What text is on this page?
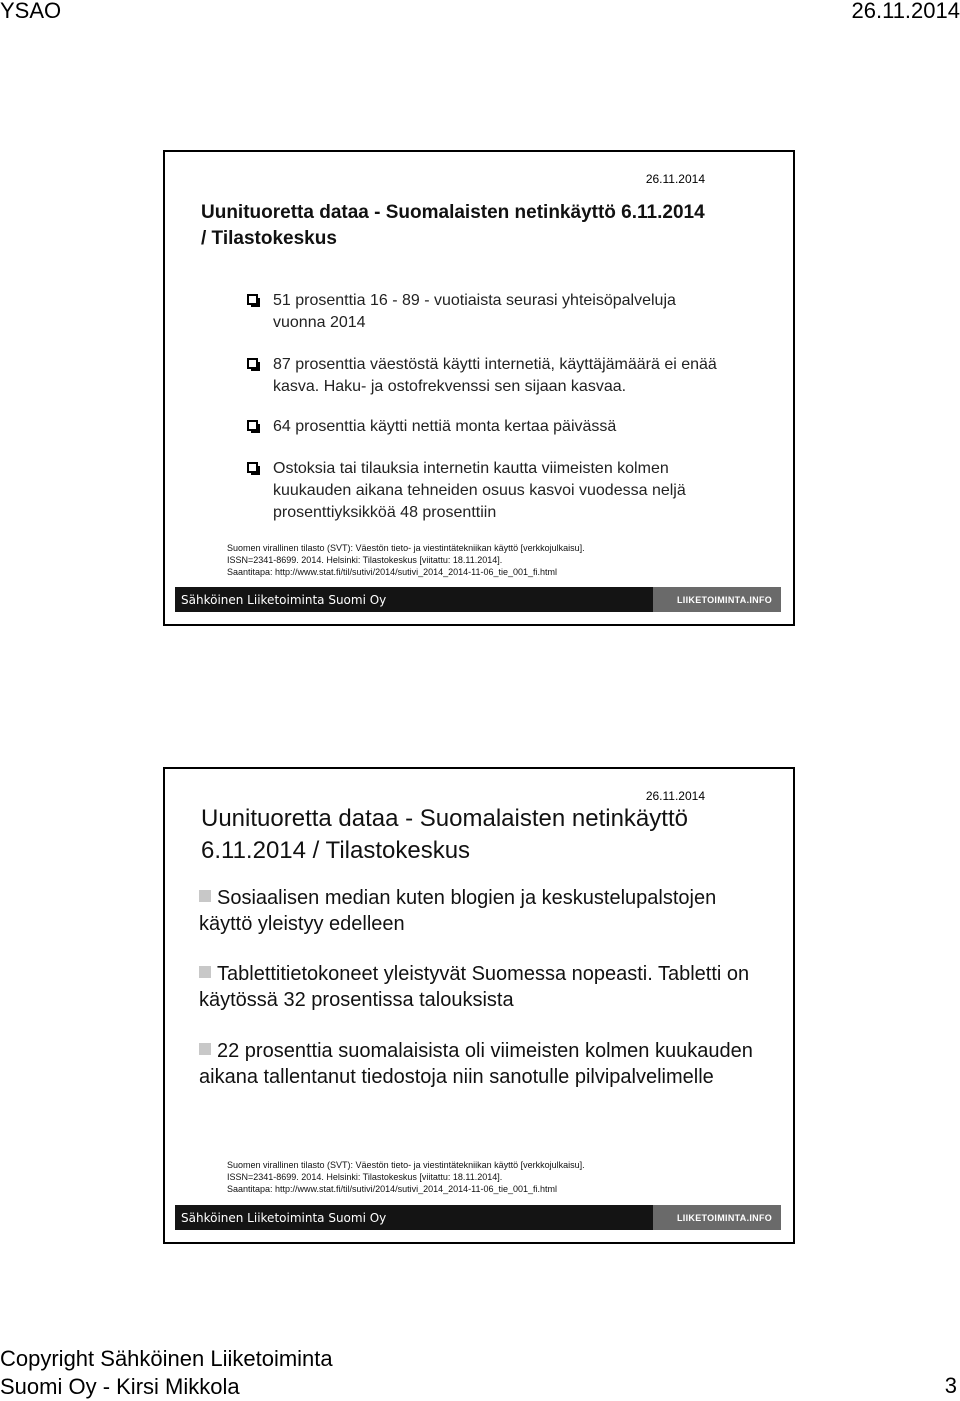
YSAO	26.11.2014
26.11.2014
Uunituoretta dataa - Suomalaisten netinkäyttö 6.11.2014
/ Tilastokeskus
51 prosenttia 16 - 89 - vuotiaista seurasi yhteisöpalveluja vuonna 2014
87 prosenttia väestöstä käytti internetiä, käyttäjämäärä ei enää kasva. Haku- ja ostofrekvenssi sen sijaan kasvaa.
64 prosenttia käytti nettiä monta kertaa päivässä
Ostoksia tai tilauksia internetin kautta viimeisten kolmen kuukauden aikana tehneiden osuus kasvoi vuodessa neljä prosenttiyksikköä 48 prosenttiin
Suomen virallinen tilasto (SVT): Väestön tieto- ja viestintätekniikan käyttö [verkkojulkaisu].
ISSN=2341-8699. 2014. Helsinki: Tilastokeskus [viitattu: 18.11.2014].
Saantitapa: http://www.stat.fi/til/sutivi/2014/sutivi_2014_2014-11-06_tie_001_fi.html
Sähköinen Liiketoiminta Suomi Oy	LIIKETOIMINTA.INFO
26.11.2014
Uunituoretta dataa - Suomalaisten netinkäyttö
6.11.2014 / Tilastokeskus
Sosiaalisen median kuten blogien ja keskustelupalstojen käyttö yleistyy edelleen
Tablettitietokoneet yleistyvät Suomessa nopeasti. Tabletti on käytössä 32 prosentissa talouksista
22 prosenttia suomalaisista oli viimeisten kolmen kuukauden aikana tallentanut tiedostoja niin sanotulle pilvipalvelimelle
Suomen virallinen tilasto (SVT): Väestön tieto- ja viestintätekniikan käyttö [verkkojulkaisu].
ISSN=2341-8699. 2014. Helsinki: Tilastokeskus [viitattu: 18.11.2014].
Saantitapa: http://www.stat.fi/til/sutivi/2014/sutivi_2014_2014-11-06_tie_001_fi.html
Sähköinen Liiketoiminta Suomi Oy	LIIKETOIMINTA.INFO
Copyright Sähköinen Liiketoiminta
Suomi Oy - Kirsi Mikkola	3
